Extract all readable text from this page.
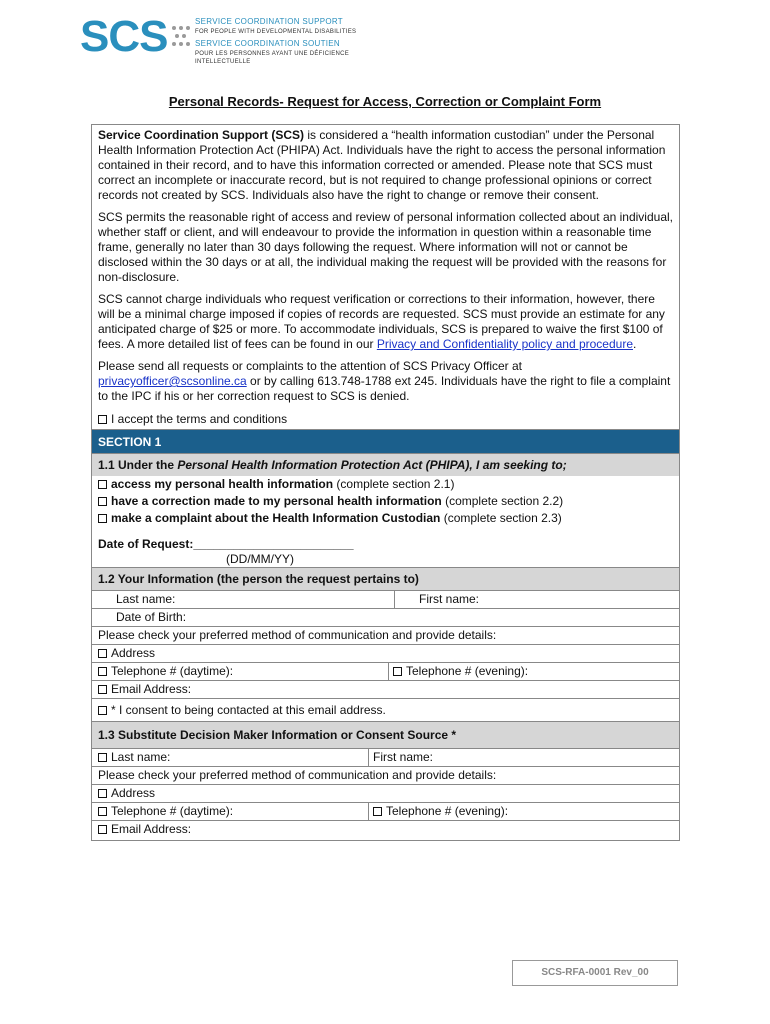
SCS	SERVICE COORDINATION SUPPORT
FOR PEOPLE WITH DEVELOPMENTAL DISABILITIES
SERVICE COORDINATION SOUTIEN
POUR LES PERSONNES AYANT UNE DÉFICIENCE INTELLECTUELLE
Personal Records- Request for Access, Correction or Complaint Form

Service Coordination Support (SCS) is considered a “health information custodian” under the Personal Health Information Protection Act (PHIPA) Act. Individuals have the right to access the personal information contained in their record, and to have this information corrected or amended. Please note that SCS must correct an incomplete or inaccurate record, but is not required to change professional opinions or correct records not created by SCS. Individuals also have the right to change or remove their consent.

SCS permits the reasonable right of access and review of personal information collected about an individual, whether staff or client, and will endeavour to provide the information in question within a reasonable time frame, generally no later than 30 days following the request. Where information will not or cannot be disclosed within the 30 days or at all, the individual making the request will be provided with the reasons for non-disclosure.

SCS cannot charge individuals who request verification or corrections to their information, however, there will be a minimal charge imposed if copies of records are requested. SCS must provide an estimate for any anticipated charge of $25 or more. To accommodate individuals, SCS is prepared to waive the first $100 of fees. A more detailed list of fees can be found in our Privacy and Confidentiality policy and procedure.

Please send all requests or complaints to the attention of SCS Privacy Officer at privacyofficer@scsonline.ca or by calling 613.748-1788 ext 245. Individuals have the right to file a complaint to the IPC if his or her correction request to SCS is denied.

I accept the terms and conditions
SECTION 1
1.1 Under the Personal Health Information Protection Act (PHIPA), I am seeking to;
access my personal health information (complete section 2.1)
have a correction made to my personal health information (complete section 2.2)
make a complaint about the Health Information Custodian (complete section 2.3)
Date of Request:________________________
(DD/MM/YY)
1.2 Your Information (the person the request pertains to)
Last name:	First name:
Date of Birth:
Please check your preferred method of communication and provide details:
Address
Telephone # (daytime):	Telephone # (evening):
Email Address:
* I consent to being contacted at this email address.
1.3 Substitute Decision Maker Information or Consent Source *
Last name:	First name:
Please check your preferred method of communication and provide details:
Address
Telephone # (daytime):	Telephone # (evening):
Email Address:
SCS-RFA-0001 Rev_00
